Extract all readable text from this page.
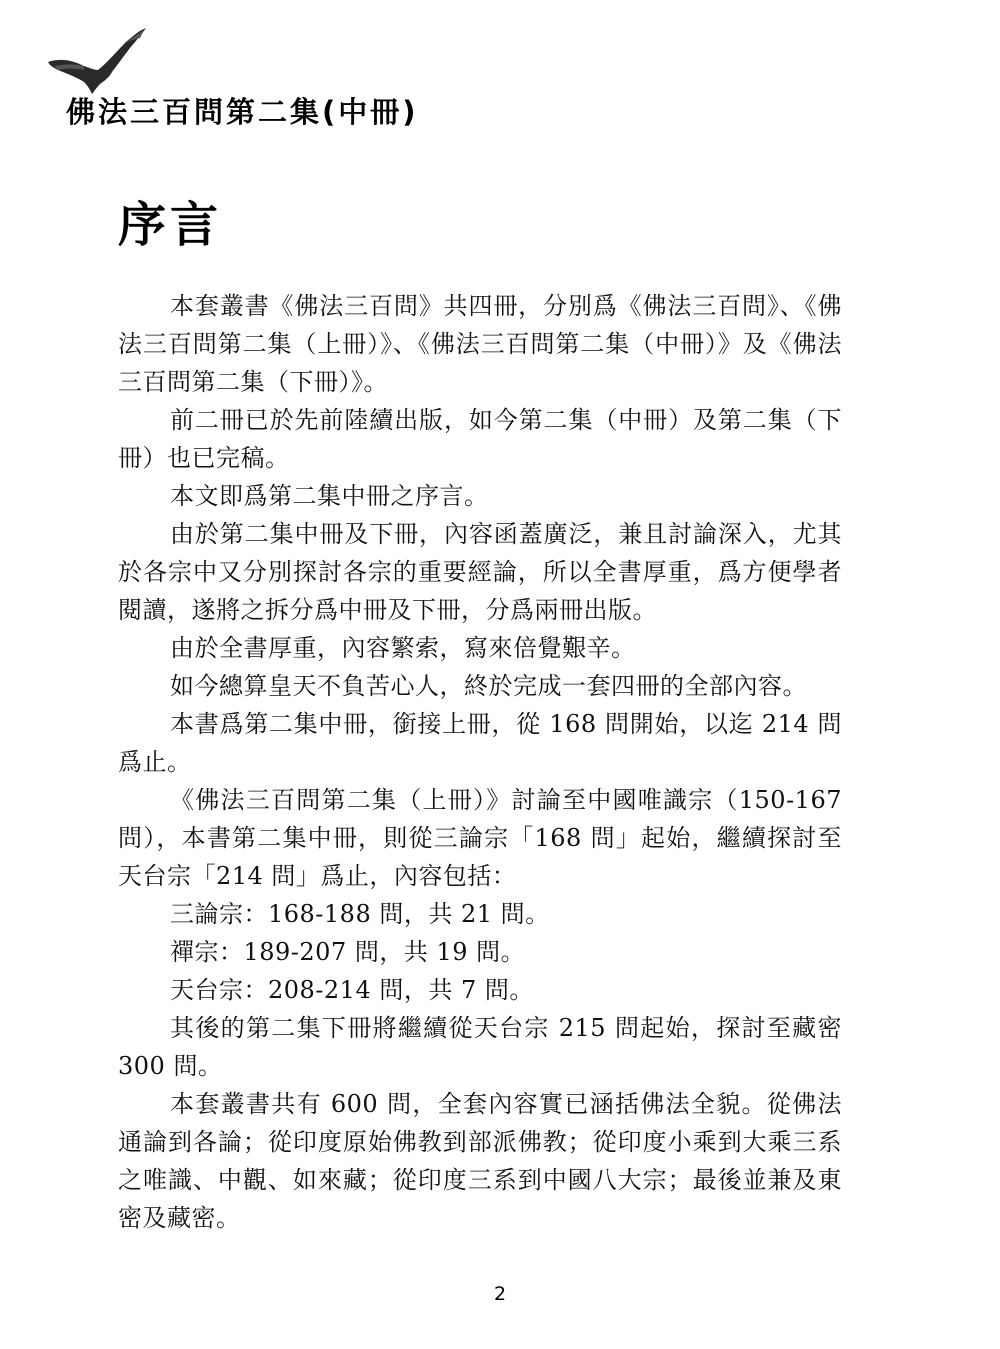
佛法三百問第二集(中冊)
序言

本套叢書《佛法三百問》共四冊，分別爲《佛法三百問》、《佛法三百問第二集（上冊）》、《佛法三百問第二集（中冊）》及《佛法三百問第二集（下冊）》。

前二冊已於先前陸續出版，如今第二集（中冊）及第二集（下冊）也已完稿。

本文即爲第二集中冊之序言。

由於第二集中冊及下冊，內容函蓋廣泛，兼且討論深入，尤其於各宗中又分別探討各宗的重要經論，所以全書厚重，爲方便學者閱讀，遂將之拆分爲中冊及下冊，分爲兩冊出版。

由於全書厚重，內容繁索，寫來倍覺艱辛。

如今總算皇天不負苦心人，終於完成一套四冊的全部內容。

本書爲第二集中冊，銜接上冊，從 168 問開始，以迄 214 問爲止。

《佛法三百問第二集（上冊）》討論至中國唯識宗（150-167問），本書第二集中冊，則從三論宗「168 問」起始，繼續探討至天台宗「214 問」爲止，內容包括：

三論宗：168-188 問，共 21 問。

禪宗：189-207 問，共 19 問。

天台宗：208-214 問，共 7 問。

其後的第二集下冊將繼續從天台宗 215 問起始，探討至藏密300 問。

本套叢書共有 600 問，全套內容實已涵括佛法全貌。從佛法通論到各論；從印度原始佛教到部派佛教；從印度小乘到大乘三系之唯識、中觀、如來藏；從印度三系到中國八大宗；最後並兼及東密及藏密。

2
